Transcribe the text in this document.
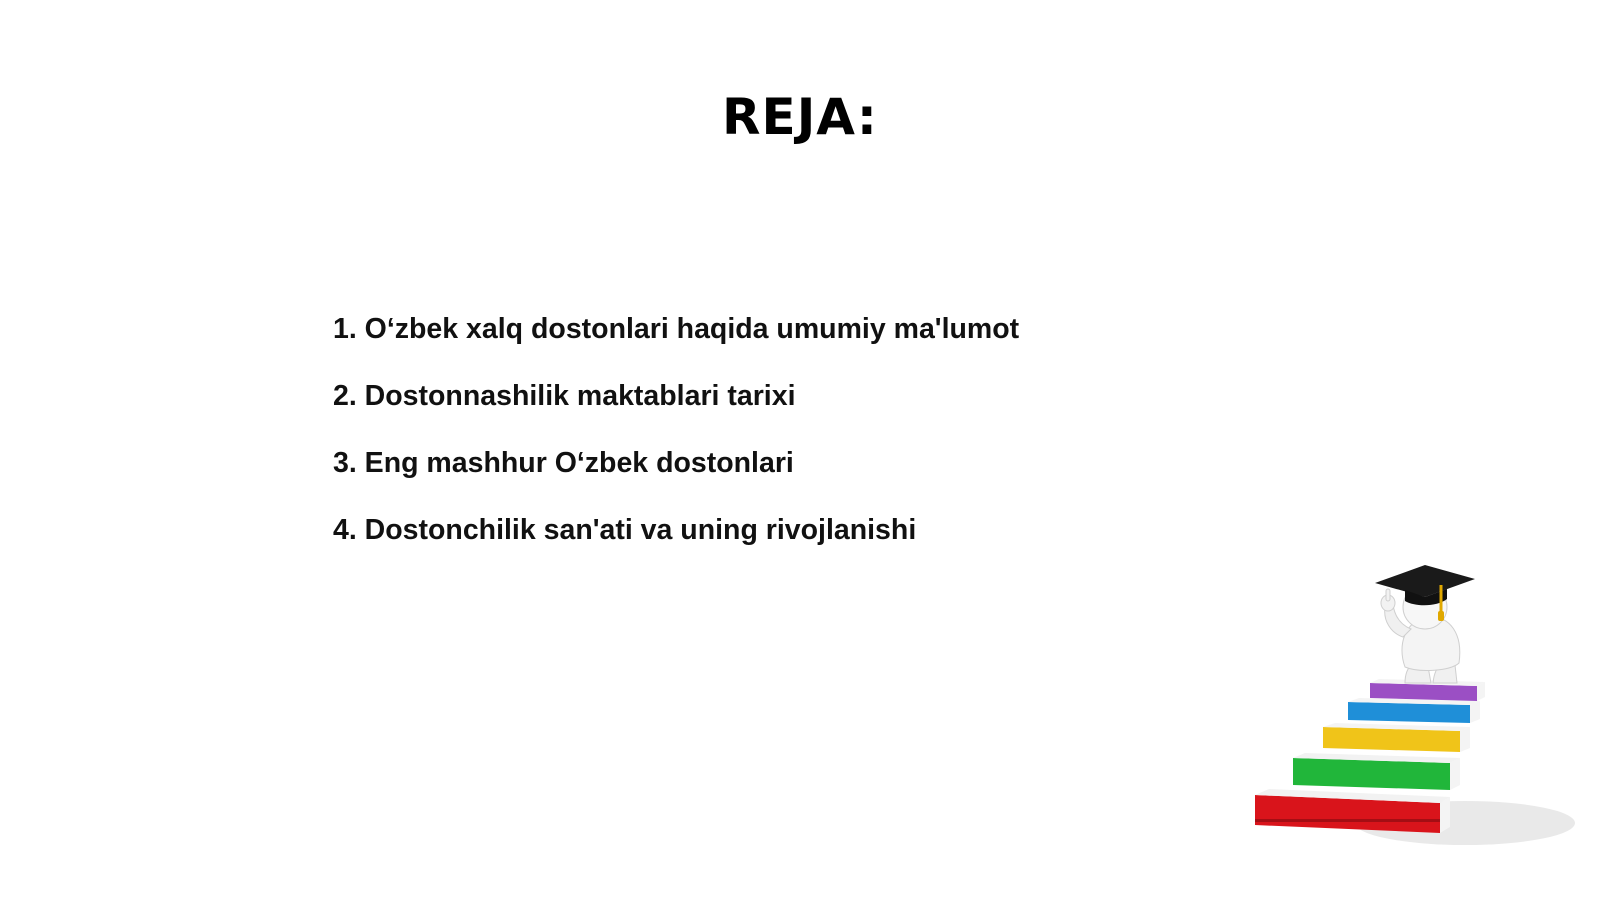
REJA:
1. O‘zbek xalq dostonlari haqida umumiy ma'lumot
2. Dostonnashilik maktablari tarixi
3. Eng mashhur O‘zbek dostonlari
4. Dostonchilik san'ati va uning rivojlanishi
